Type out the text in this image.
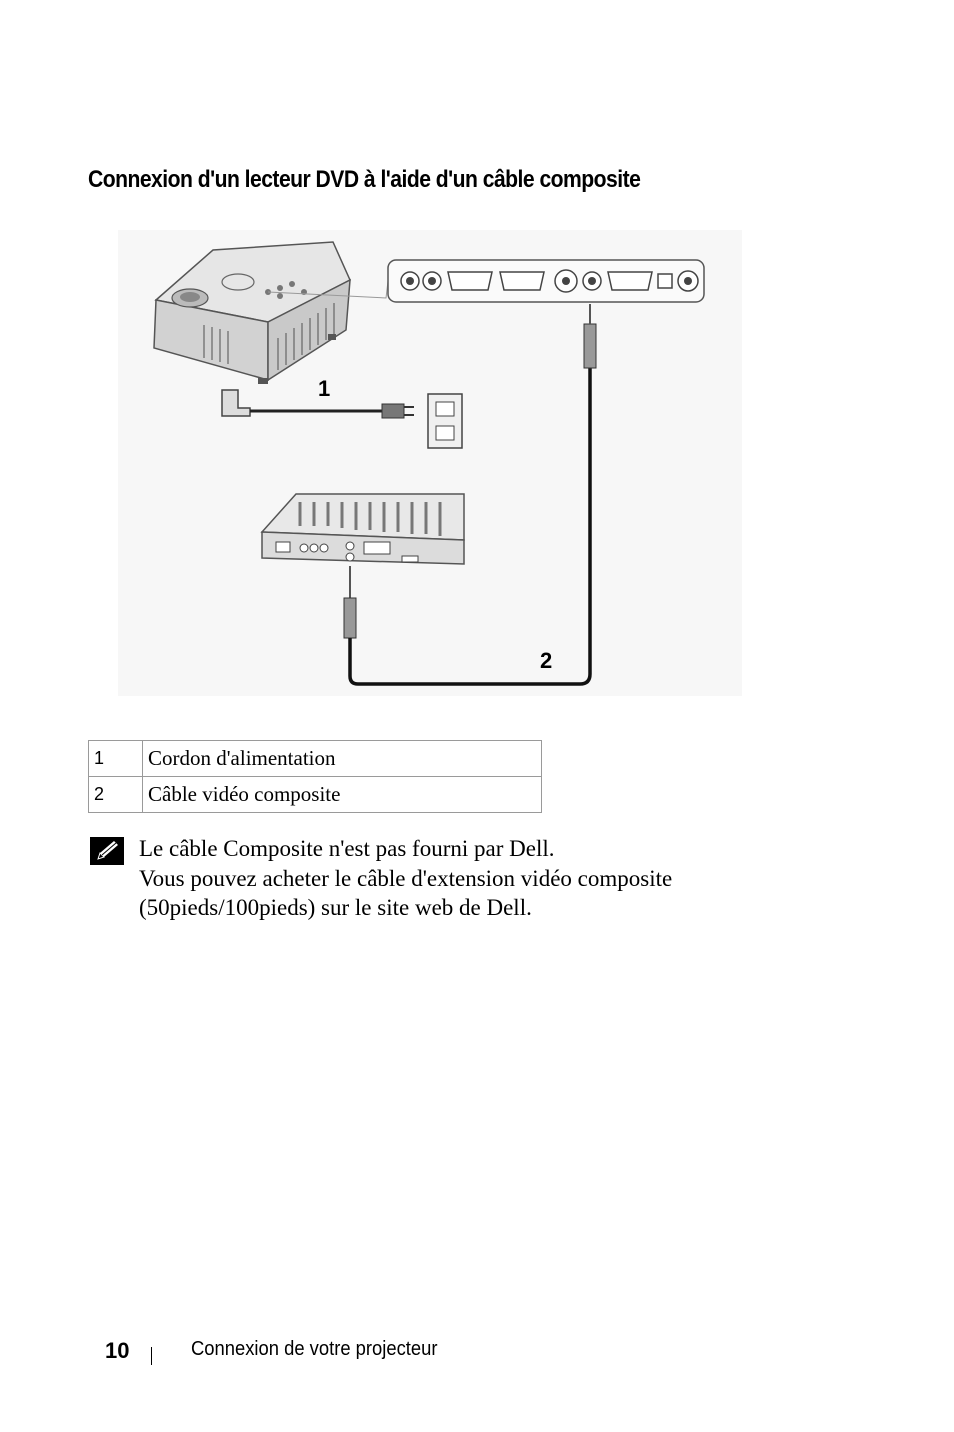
Connexion d'un lecteur DVD à l'aide d'un câble composite
1
2
1	Cordon d'alimentation
2	Câble vidéo composite
Le câble Composite n'est pas fourni par Dell.
Vous pouvez acheter le câble d'extension vidéo composite
(50pieds/100pieds) sur le site web de Dell.
10	Connexion de votre projecteur
